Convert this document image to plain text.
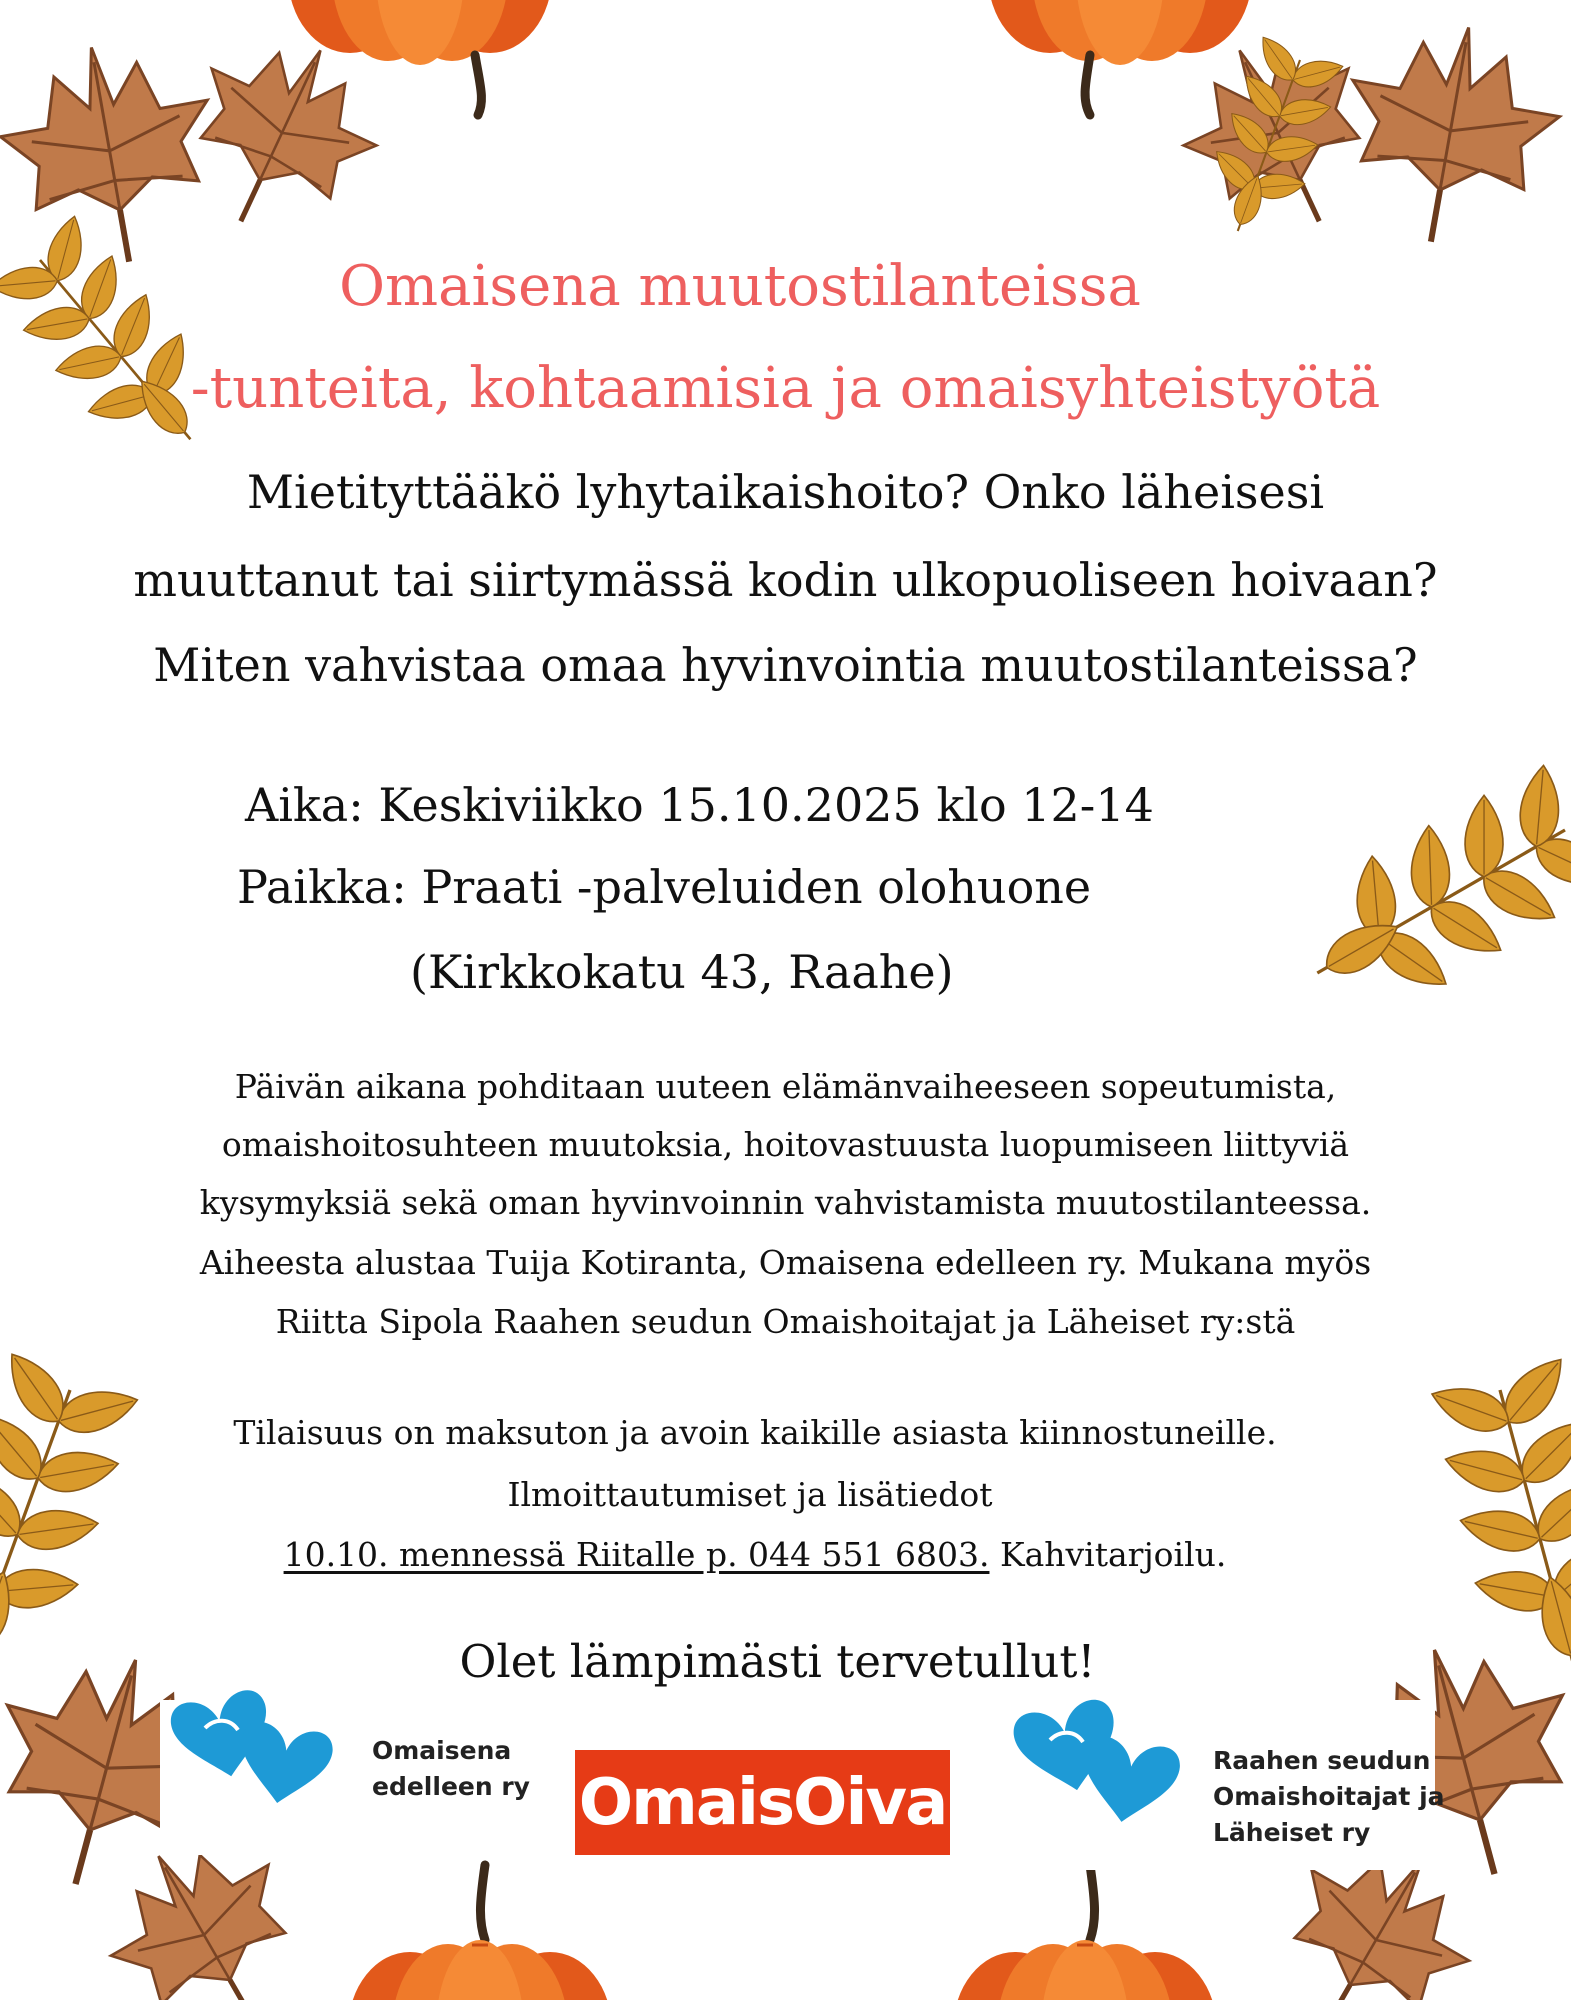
Omaisena muutostilanteissa

-tunteita, kohtaamisia ja omaisyhteistyötä

Mietityttääkö lyhytaikaishoito? Onko läheisesi

muuttanut tai siirtymässä kodin ulkopuoliseen hoivaan?

Miten vahvistaa omaa hyvinvointia muutostilanteissa?

Aika: Keskiviikko 15.10.2025 klo 12-14

Paikka: Praati -palveluiden olohuone

(Kirkkokatu 43, Raahe)

Päivän aikana pohditaan uuteen elämänvaiheeseen sopeutumista,

omaishoitosuhteen muutoksia, hoitovastuusta luopumiseen liittyviä

kysymyksiä sekä oman hyvinvoinnin vahvistamista muutostilanteessa.

Aiheesta alustaa Tuija Kotiranta, Omaisena edelleen ry. Mukana myös

Riitta Sipola Raahen seudun Omaishoitajat ja Läheiset ry:stä

Tilaisuus on maksuton ja avoin kaikille asiasta kiinnostuneille.

Ilmoittautumiset ja lisätiedot

10.10. mennessä Riitalle p. 044 551 6803. Kahvitarjoilu.

Olet lämpimästi tervetullut!

Omaisena
edelleen ry OmaisOiva
Raahen seudun
Omaishoitajat ja
Läheiset ry
